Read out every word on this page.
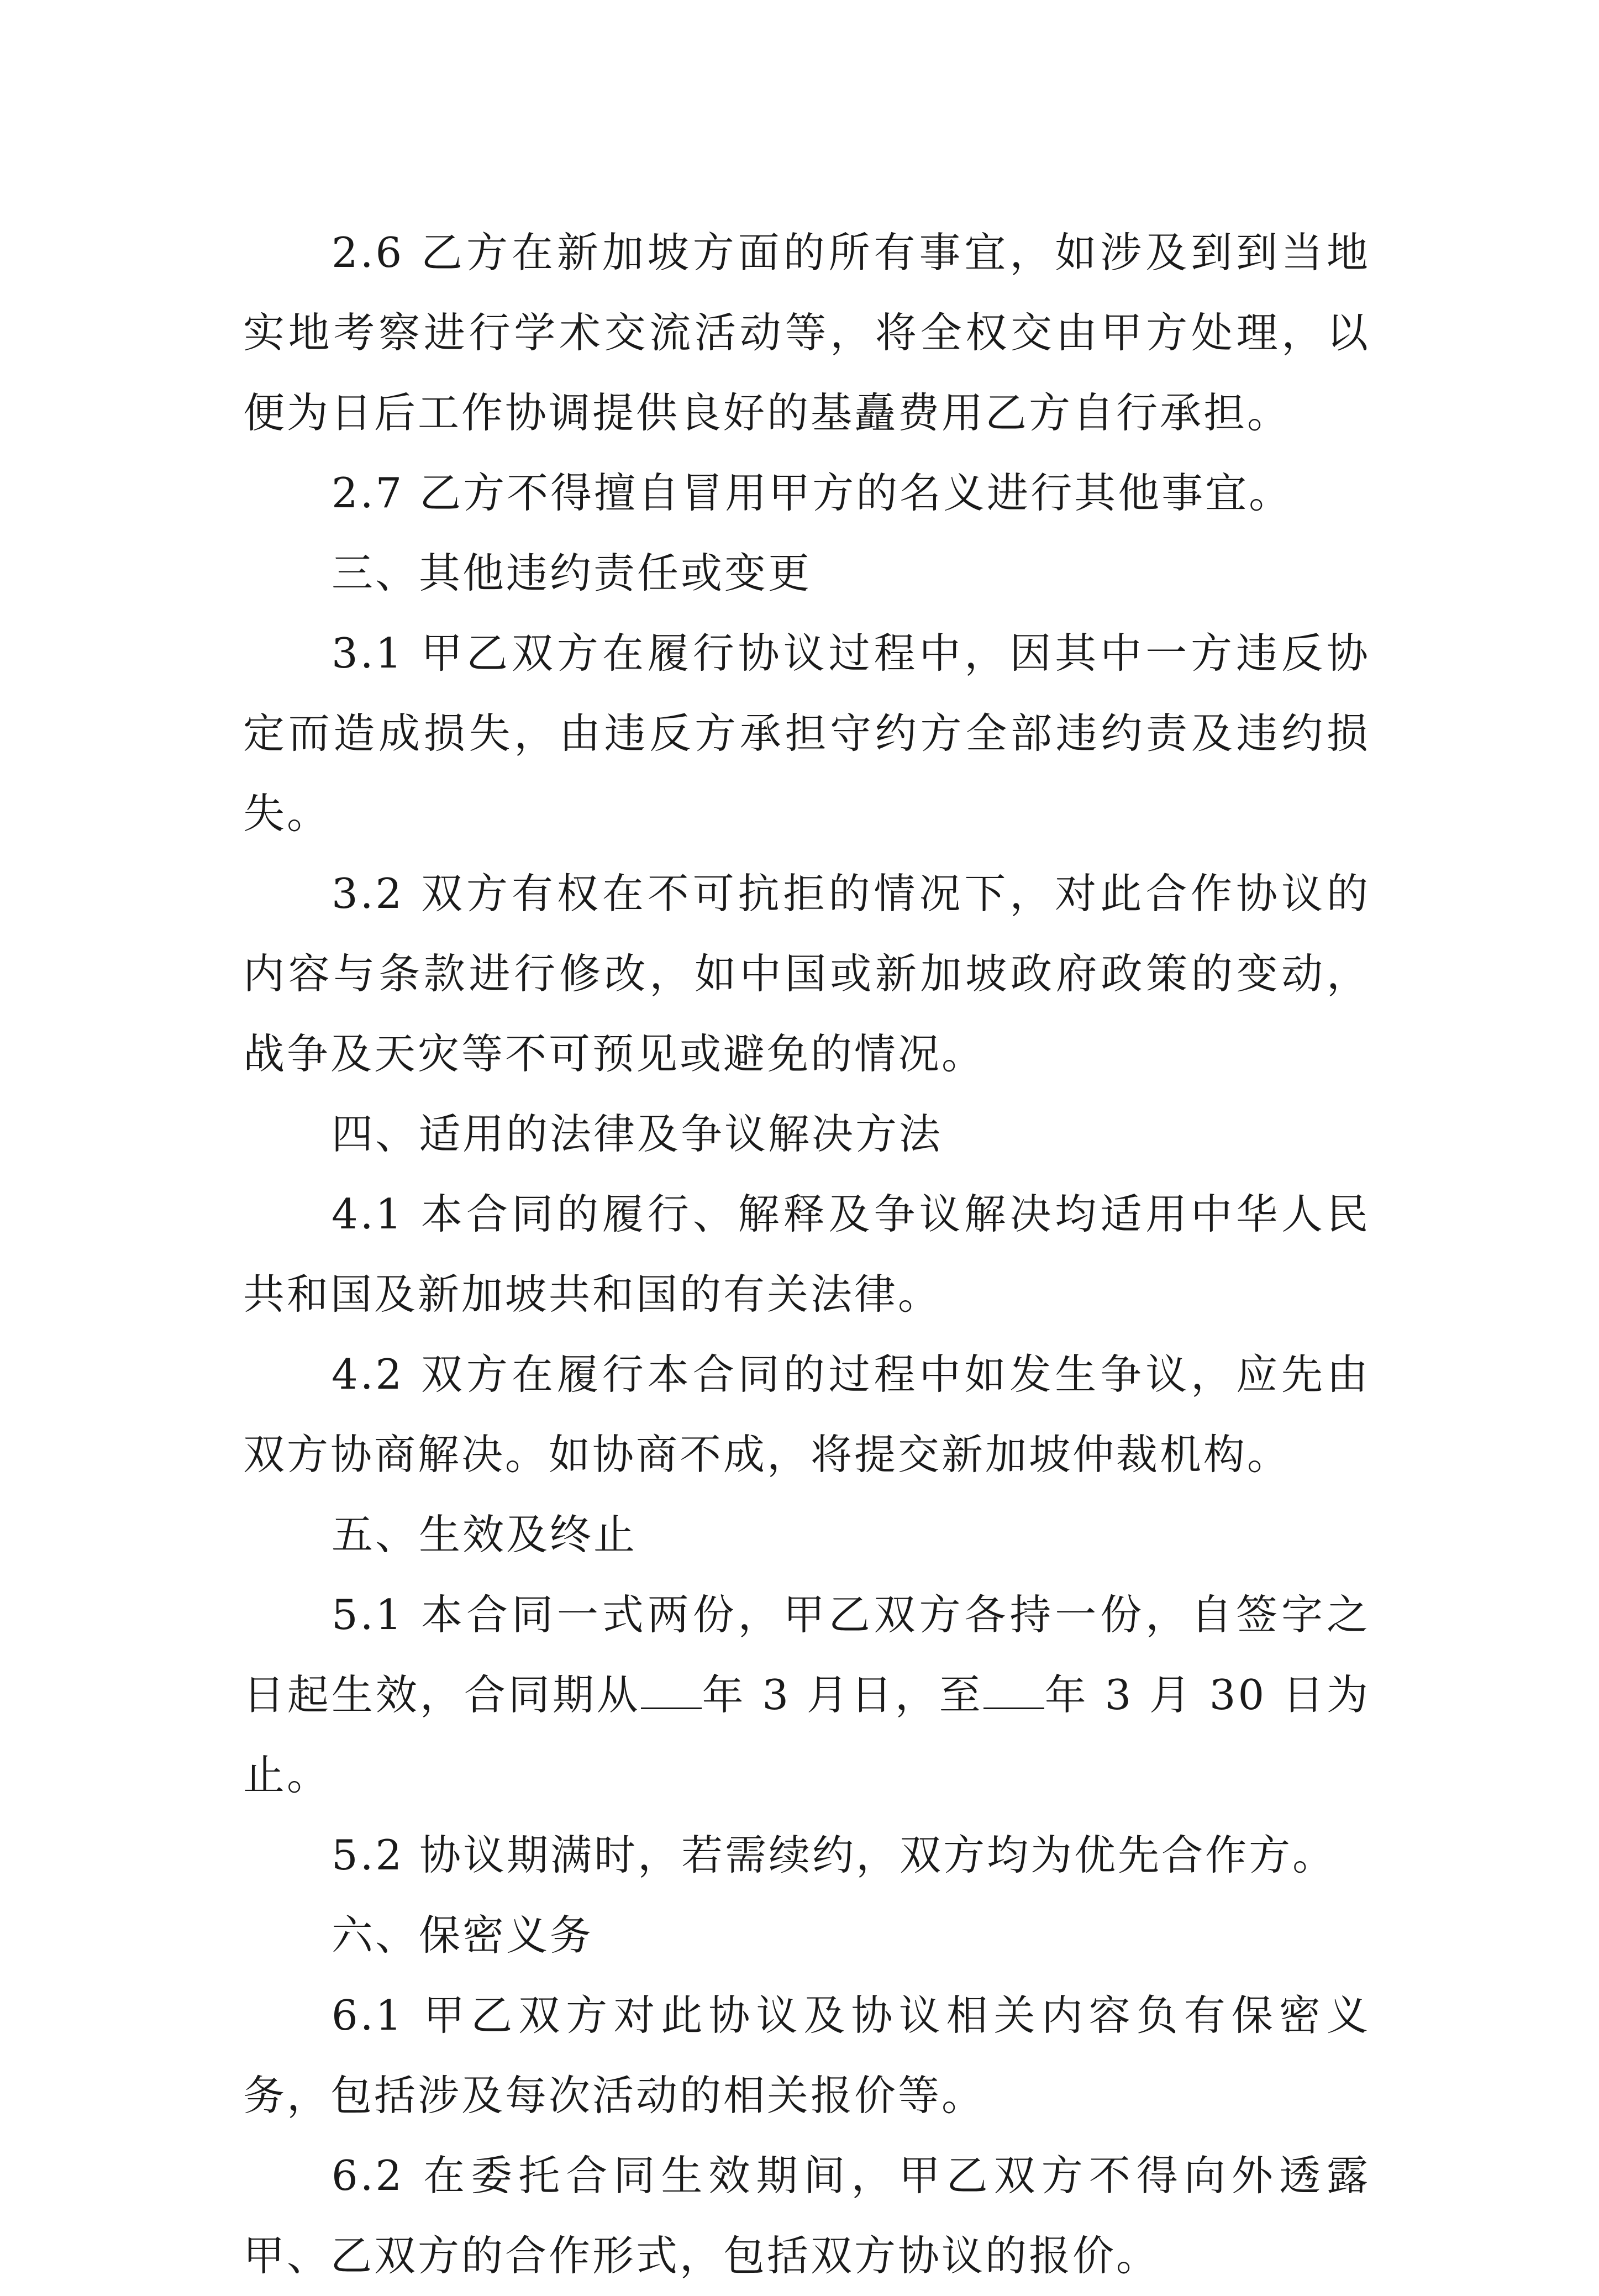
2.6 乙方在新加坡方面的所有事宜，如涉及到到当地实地考察进行学术交流活动等，将全权交由甲方处理，以便为日后工作协调提供良好的基矗费用乙方自行承担。

2.7 乙方不得擅自冒用甲方的名义进行其他事宜。

三、其他违约责任或变更

3.1 甲乙双方在履行协议过程中，因其中一方违反协定而造成损失，由违反方承担守约方全部违约责及违约损失。

3.2 双方有权在不可抗拒的情况下，对此合作协议的内容与条款进行修改，如中国或新加坡政府政策的变动，战争及天灾等不可预见或避免的情况。

四、适用的法律及争议解决方法

4.1 本合同的履行、解释及争议解决均适用中华人民共和国及新加坡共和国的有关法律。

4.2 双方在履行本合同的过程中如发生争议，应先由双方协商解决。如协商不成，将提交新加坡仲裁机构。

五、生效及终止

5.1 本合同一式两份，甲乙双方各持一份，自签字之日起生效，合同期从 年 3 月日，至 年 3 月 30 日为止。

5.2 协议期满时，若需续约，双方均为优先合作方。

六、保密义务

6.1 甲乙双方对此协议及协议相关内容负有保密义务，包括涉及每次活动的相关报价等。

6.2 在委托合同生效期间，甲乙双方不得向外透露甲、乙双方的合作形式，包括双方协议的报价。
